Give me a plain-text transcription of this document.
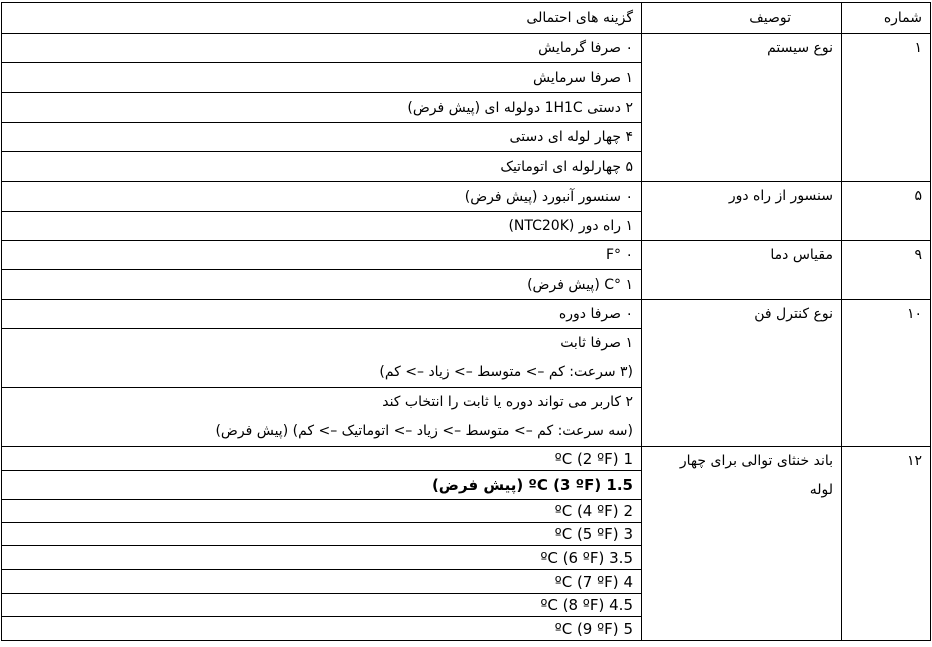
شماره	توصیف	گزینه های احتمالی
۱	نوع سیستم	۰ صرفا گرمایش
		۱ صرفا سرمایش
		۲ دستی 1H1C دولوله ای (پیش فرض)
		۴ چهار لوله ای دستی
		۵ چهارلوله ای اتوماتیک
۵	سنسور از راه دور	۰ سنسور آنبورد (پیش فرض)
		۱ راه دور (NTC20K)
۹	مقیاس دما	۰ °F
		۱ °C (پیش فرض)
۱۰	نوع کنترل فن	۰ صرفا دوره

		۱ صرفا ثابت
(۳ سرعت: کم –> متوسط –> زیاد –> کم)

		۲ کاربر می تواند دوره یا ثابت را انتخاب کند
(سه سرعت: کم –> متوسط –> زیاد –> اتوماتیک –> کم) (پیش فرض)

۱۲	باند خنثای توالی برای چهار لوله	1 ºC (2 ºF)
		1.5 ºC (3 ºF) (پیش فرض)
		2 ºC (4 ºF)
		3 ºC (5 ºF)
		3.5 ºC (6 ºF)
		4 ºC (7 ºF)
		4.5 ºC (8 ºF)
		5 ºC (9 ºF)
